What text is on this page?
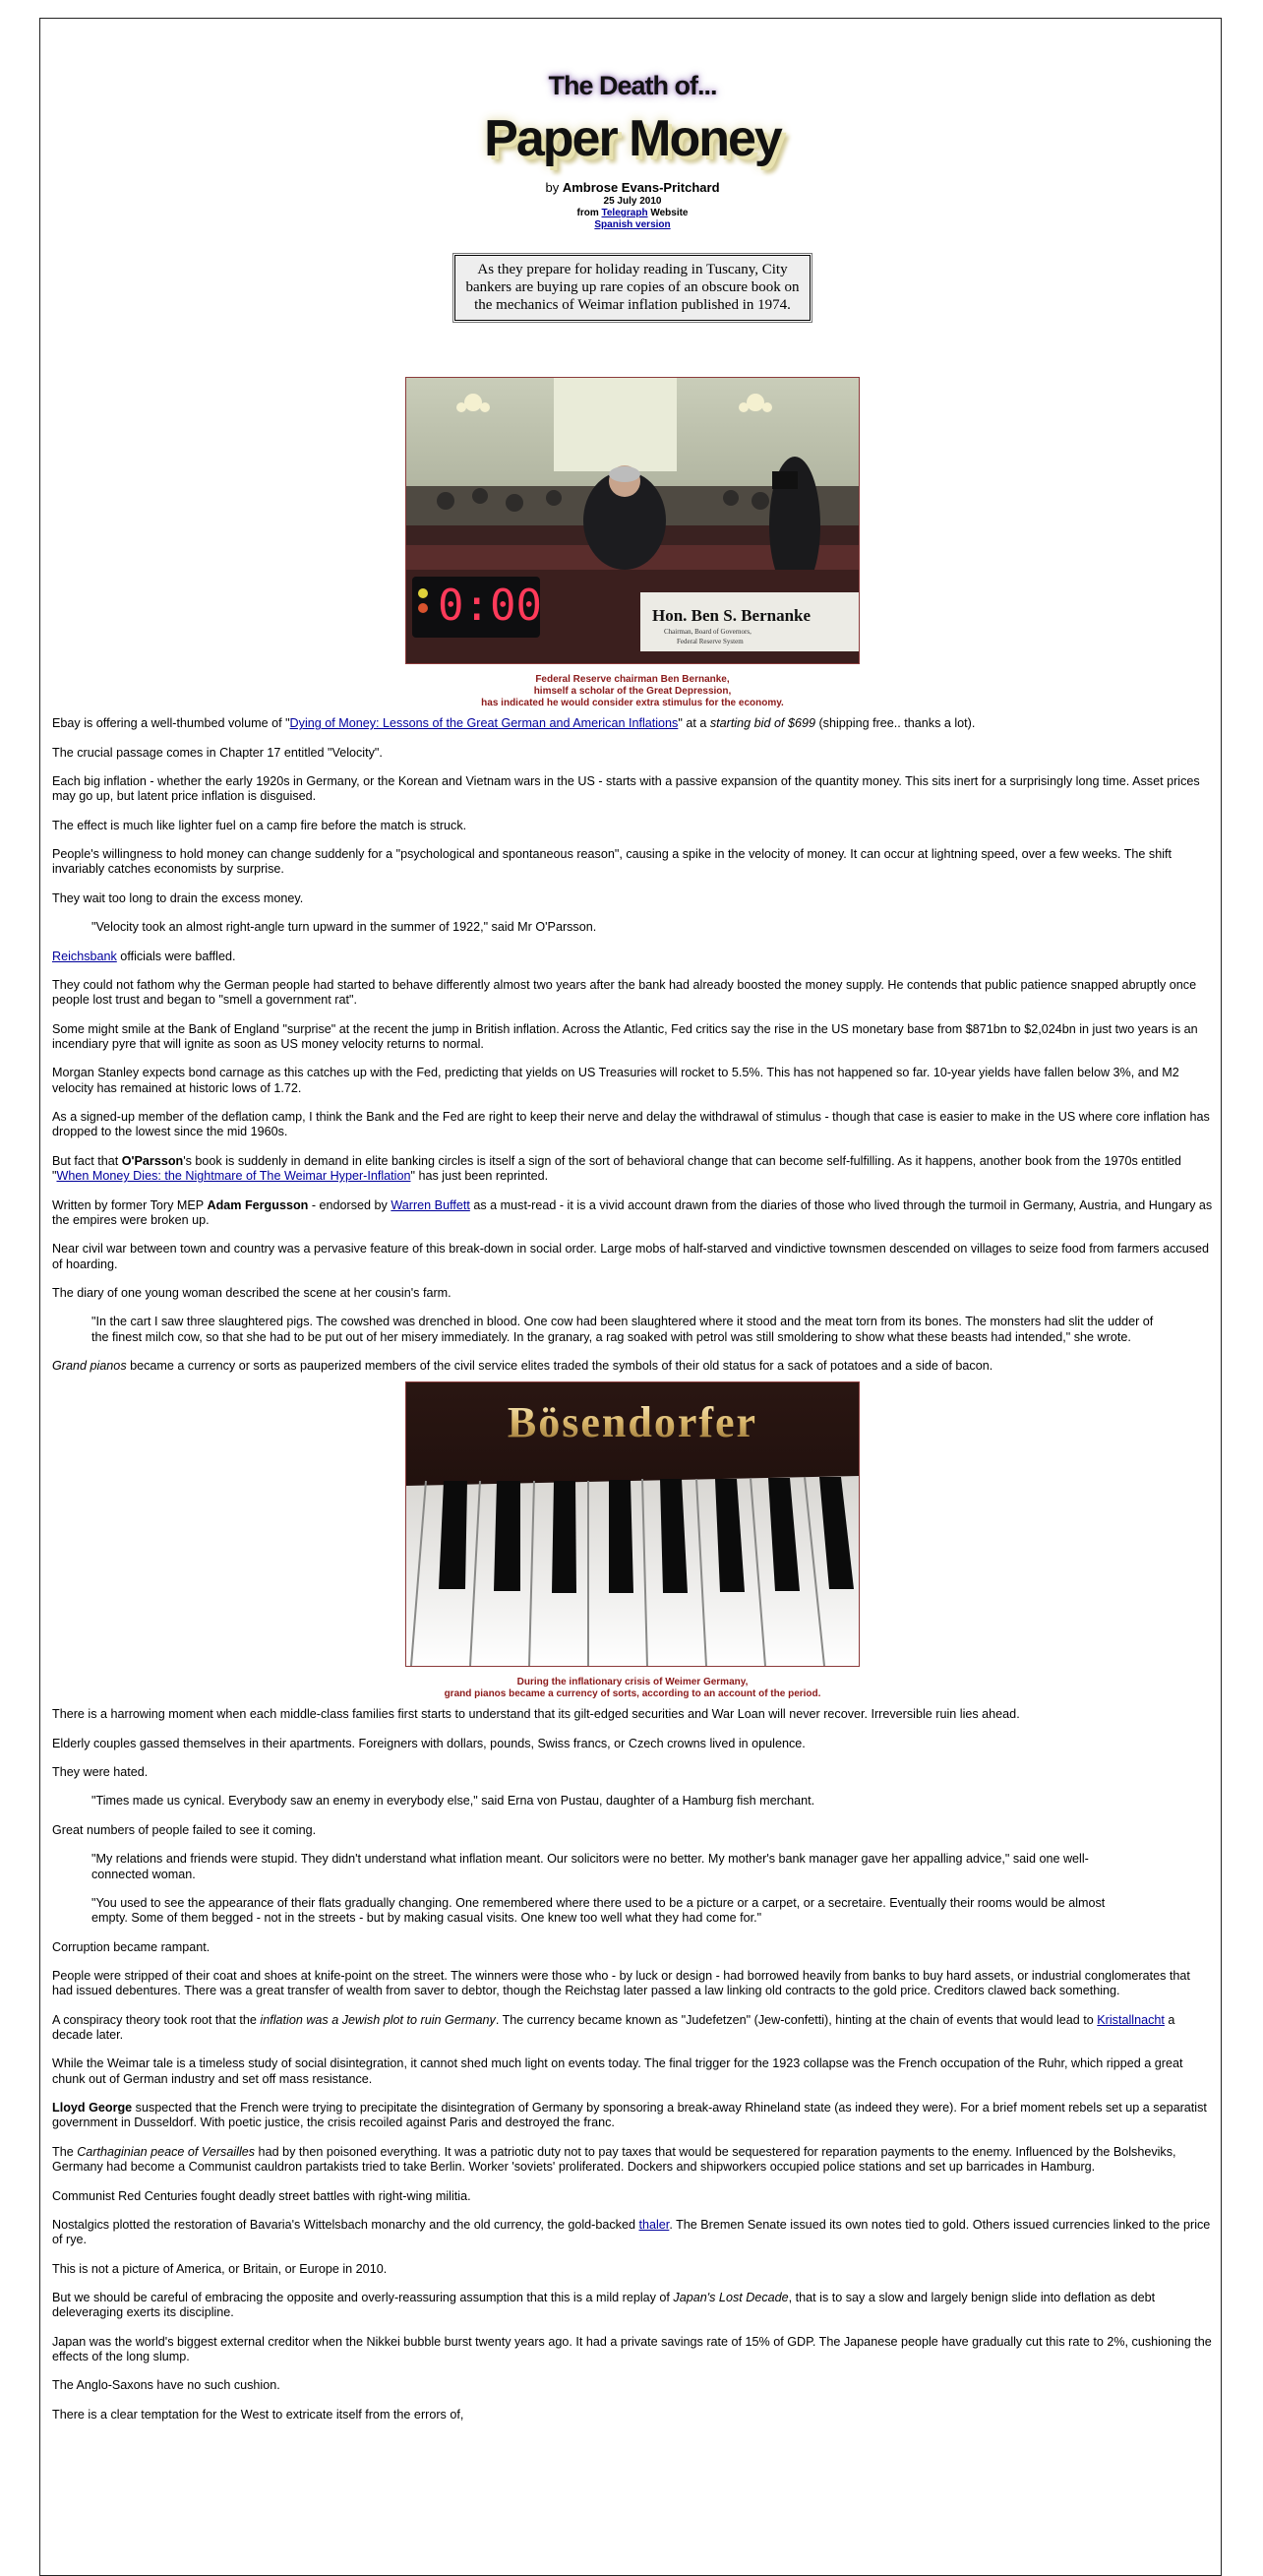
The Death of...
Paper Money
by Ambrose Evans-Pritchard
25 July 2010
from Telegraph Website
Spanish version
As they prepare for holiday reading in Tuscany, City bankers are buying up rare copies of an obscure book on the mechanics of Weimar inflation published in 1974.
0:00	Hon. Ben S. Bernanke
Chairman, Board of Governors,
Federal Reserve System
Federal Reserve chairman Ben Bernanke,
himself a scholar of the Great Depression,
has indicated he would consider extra stimulus for the economy.

Ebay is offering a well-thumbed volume of "Dying of Money: Lessons of the Great German and American Inflations" at a starting bid of $699 (shipping free.. thanks a lot).

The crucial passage comes in Chapter 17 entitled "Velocity".

Each big inflation - whether the early 1920s in Germany, or the Korean and Vietnam wars in the US - starts with a passive expansion of the quantity money. This sits inert for a surprisingly long time. Asset prices may go up, but latent price inflation is disguised.

The effect is much like lighter fuel on a camp fire before the match is struck.

People's willingness to hold money can change suddenly for a "psychological and spontaneous reason", causing a spike in the velocity of money. It can occur at lightning speed, over a few weeks. The shift invariably catches economists by surprise.

They wait too long to drain the excess money.

"Velocity took an almost right-angle turn upward in the summer of 1922," said Mr O'Parsson.

Reichsbank officials were baffled.

They could not fathom why the German people had started to behave differently almost two years after the bank had already boosted the money supply. He contends that public patience snapped abruptly once people lost trust and began to "smell a government rat".

Some might smile at the Bank of England "surprise" at the recent the jump in British inflation. Across the Atlantic, Fed critics say the rise in the US monetary base from $871bn to $2,024bn in just two years is an incendiary pyre that will ignite as soon as US money velocity returns to normal.

Morgan Stanley expects bond carnage as this catches up with the Fed, predicting that yields on US Treasuries will rocket to 5.5%. This has not happened so far. 10-year yields have fallen below 3%, and M2 velocity has remained at historic lows of 1.72.

As a signed-up member of the deflation camp, I think the Bank and the Fed are right to keep their nerve and delay the withdrawal of stimulus - though that case is easier to make in the US where core inflation has dropped to the lowest since the mid 1960s.

But fact that O'Parsson's book is suddenly in demand in elite banking circles is itself a sign of the sort of behavioral change that can become self-fulfilling. As it happens, another book from the 1970s entitled "When Money Dies: the Nightmare of The Weimar Hyper-Inflation" has just been reprinted.

Written by former Tory MEP Adam Fergusson - endorsed by Warren Buffett as a must-read - it is a vivid account drawn from the diaries of those who lived through the turmoil in Germany, Austria, and Hungary as the empires were broken up.

Near civil war between town and country was a pervasive feature of this break-down in social order. Large mobs of half-starved and vindictive townsmen descended on villages to seize food from farmers accused of hoarding.

The diary of one young woman described the scene at her cousin's farm.

"In the cart I saw three slaughtered pigs. The cowshed was drenched in blood. One cow had been slaughtered where it stood and the meat torn from its bones. The monsters had slit the udder of the finest milch cow, so that she had to be put out of her misery immediately. In the granary, a rag soaked with petrol was still smoldering to show what these beasts had intended," she wrote.

Grand pianos became a currency or sorts as pauperized members of the civil service elites traded the symbols of their old status for a sack of potatoes and a side of bacon.

Bösendorfer
During the inflationary crisis of Weimer Germany,
grand pianos became a currency of sorts, according to an account of the period.

There is a harrowing moment when each middle-class families first starts to understand that its gilt-edged securities and War Loan will never recover. Irreversible ruin lies ahead.

Elderly couples gassed themselves in their apartments. Foreigners with dollars, pounds, Swiss francs, or Czech crowns lived in opulence.

They were hated.

"Times made us cynical. Everybody saw an enemy in everybody else," said Erna von Pustau, daughter of a Hamburg fish merchant.

Great numbers of people failed to see it coming.

"My relations and friends were stupid. They didn't understand what inflation meant. Our solicitors were no better. My mother's bank manager gave her appalling advice," said one well-connected woman.

"You used to see the appearance of their flats gradually changing. One remembered where there used to be a picture or a carpet, or a secretaire. Eventually their rooms would be almost empty. Some of them begged - not in the streets - but by making casual visits. One knew too well what they had come for."

Corruption became rampant.

People were stripped of their coat and shoes at knife-point on the street. The winners were those who - by luck or design - had borrowed heavily from banks to buy hard assets, or industrial conglomerates that had issued debentures. There was a great transfer of wealth from saver to debtor, though the Reichstag later passed a law linking old contracts to the gold price. Creditors clawed back something.

A conspiracy theory took root that the inflation was a Jewish plot to ruin Germany. The currency became known as "Judefetzen" (Jew-confetti), hinting at the chain of events that would lead to Kristallnacht a decade later.

While the Weimar tale is a timeless study of social disintegration, it cannot shed much light on events today. The final trigger for the 1923 collapse was the French occupation of the Ruhr, which ripped a great chunk out of German industry and set off mass resistance.

Lloyd George suspected that the French were trying to precipitate the disintegration of Germany by sponsoring a break-away Rhineland state (as indeed they were). For a brief moment rebels set up a separatist government in Dusseldorf. With poetic justice, the crisis recoiled against Paris and destroyed the franc.

The Carthaginian peace of Versailles had by then poisoned everything. It was a patriotic duty not to pay taxes that would be sequestered for reparation payments to the enemy. Influenced by the Bolsheviks, Germany had become a Communist cauldron partakists tried to take Berlin. Worker 'soviets' proliferated. Dockers and shipworkers occupied police stations and set up barricades in Hamburg.

Communist Red Centuries fought deadly street battles with right-wing militia.

Nostalgics plotted the restoration of Bavaria's Wittelsbach monarchy and the old currency, the gold-backed thaler. The Bremen Senate issued its own notes tied to gold. Others issued currencies linked to the price of rye.

This is not a picture of America, or Britain, or Europe in 2010.

But we should be careful of embracing the opposite and overly-reassuring assumption that this is a mild replay of Japan's Lost Decade, that is to say a slow and largely benign slide into deflation as debt deleveraging exerts its discipline.

Japan was the world's biggest external creditor when the Nikkei bubble burst twenty years ago. It had a private savings rate of 15% of GDP. The Japanese people have gradually cut this rate to 2%, cushioning the effects of the long slump.

The Anglo-Saxons have no such cushion.

There is a clear temptation for the West to extricate itself from the errors of,
